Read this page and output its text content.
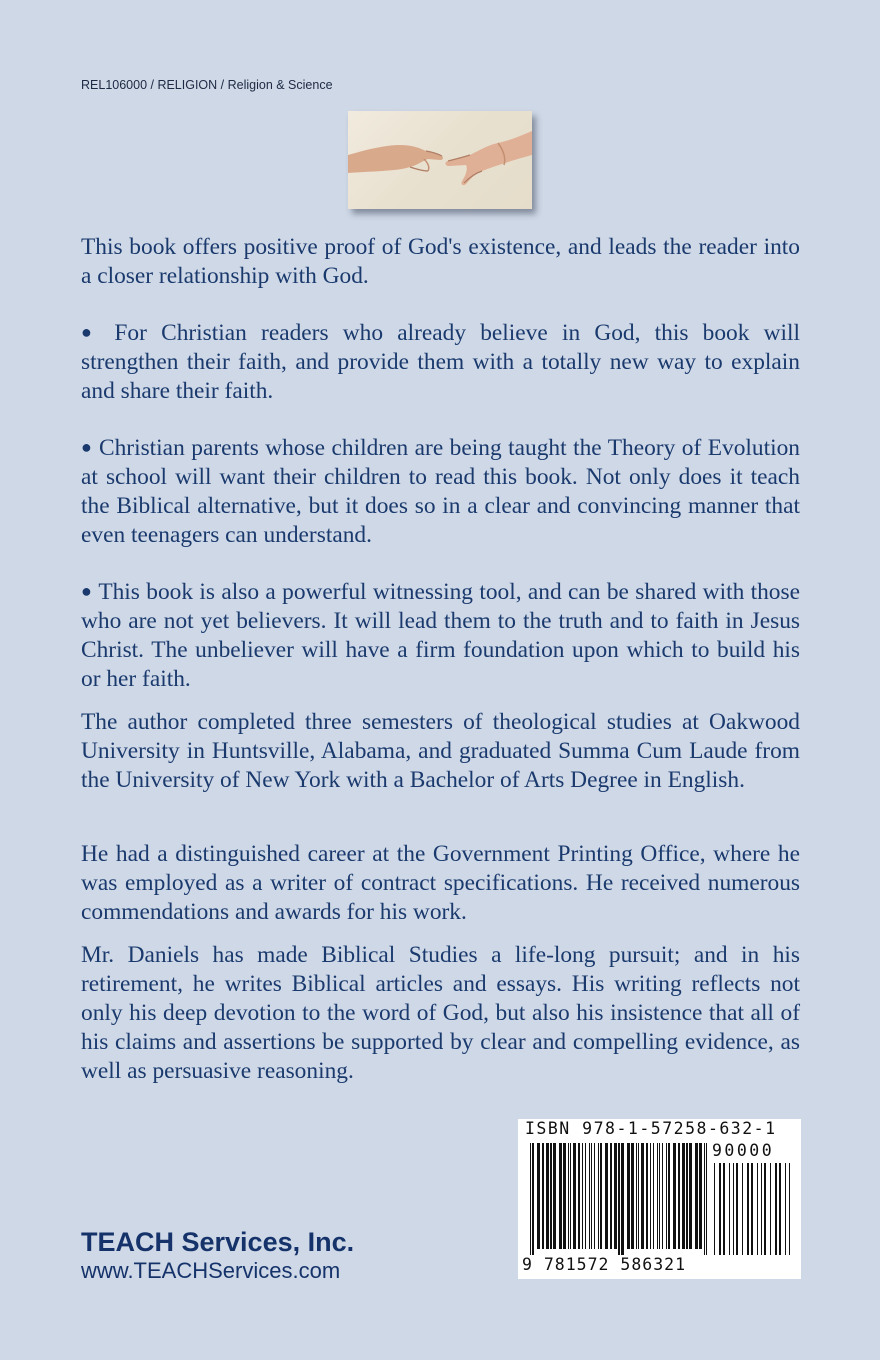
REL106000 / RELIGION / Religion & Science

This book offers positive proof of God's existence, and leads the reader into a closer relationship with God.

● For Christian readers who already believe in God, this book will strengthen their faith, and provide them with a totally new way to explain and share their faith.

● Christian parents whose children are being taught the Theory of Evolution at school will want their children to read this book. Not only does it teach the Biblical alternative, but it does so in a clear and convincing manner that even teenagers can understand.

● This book is also a powerful witnessing tool, and can be shared with those who are not yet believers. It will lead them to the truth and to faith in Jesus Christ. The unbeliever will have a firm foundation upon which to build his or her faith.

The author completed three semesters of theological studies at Oakwood University in Huntsville, Alabama, and graduated Summa Cum Laude from the University of New York with a Bachelor of Arts Degree in English.

He had a distinguished career at the Government Printing Office, where he was employed as a writer of contract specifications. He received numerous commendations and awards for his work.

Mr. Daniels has made Biblical Studies a life-long pursuit; and in his retirement, he writes Biblical articles and essays. His writing reflects not only his deep devotion to the word of God, but also his insistence that all of his claims and assertions be supported by clear and compelling evidence, as well as persuasive reasoning.

ISBN 978-1-57258-632-1
90000
9 781572 586321
TEACH Services, Inc.
www.TEACHServices.com
